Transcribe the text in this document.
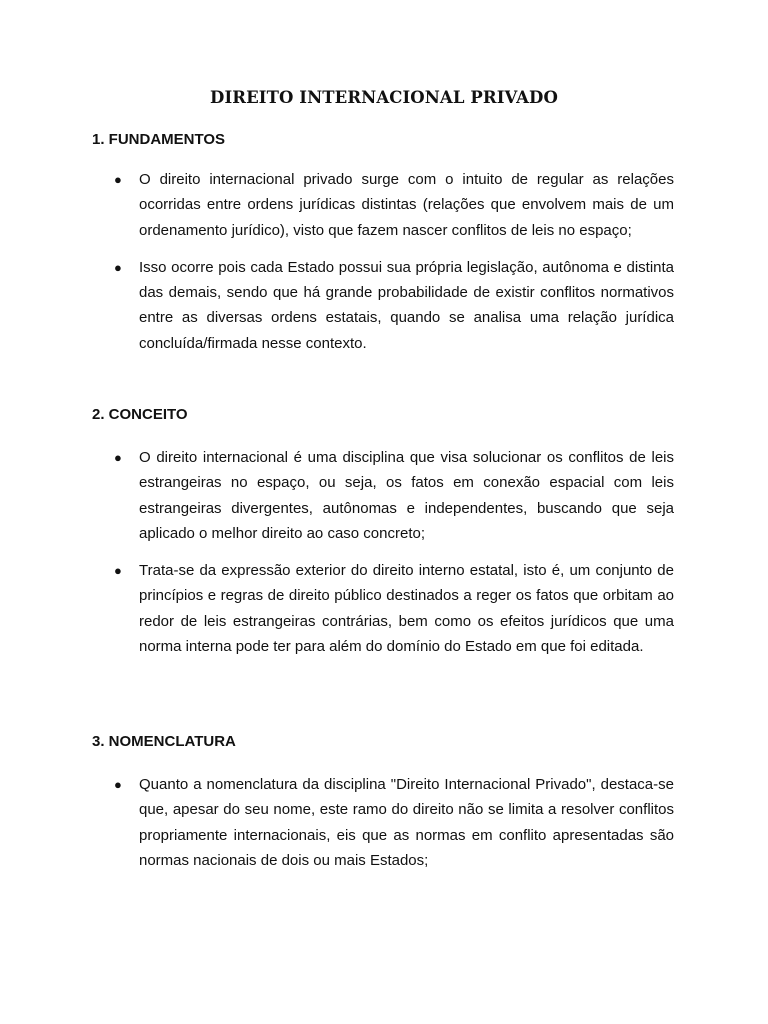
DIREITO INTERNACIONAL PRIVADO
1. FUNDAMENTOS
● O direito internacional privado surge com o intuito de regular as relações ocorridas entre ordens jurídicas distintas (relações que envolvem mais de um ordenamento jurídico), visto que fazem nascer conflitos de leis no espaço;
● Isso ocorre pois cada Estado possui sua própria legislação, autônoma e distinta das demais, sendo que há grande probabilidade de existir conflitos normativos entre as diversas ordens estatais, quando se analisa uma relação jurídica concluída/firmada nesse contexto.
2. CONCEITO
● O direito internacional é uma disciplina que visa solucionar os conflitos de leis estrangeiras no espaço, ou seja, os fatos em conexão espacial com leis estrangeiras divergentes, autônomas e independentes, buscando que seja aplicado o melhor direito ao caso concreto;
● Trata-se da expressão exterior do direito interno estatal, isto é, um conjunto de princípios e regras de direito público destinados a reger os fatos que orbitam ao redor de leis estrangeiras contrárias, bem como os efeitos jurídicos que uma norma interna pode ter para além do domínio do Estado em que foi editada.
3. NOMENCLATURA
● Quanto a nomenclatura da disciplina "Direito Internacional Privado", destaca-se que, apesar do seu nome, este ramo do direito não se limita a resolver conflitos propriamente internacionais, eis que as normas em conflito apresentadas são normas nacionais de dois ou mais Estados;
